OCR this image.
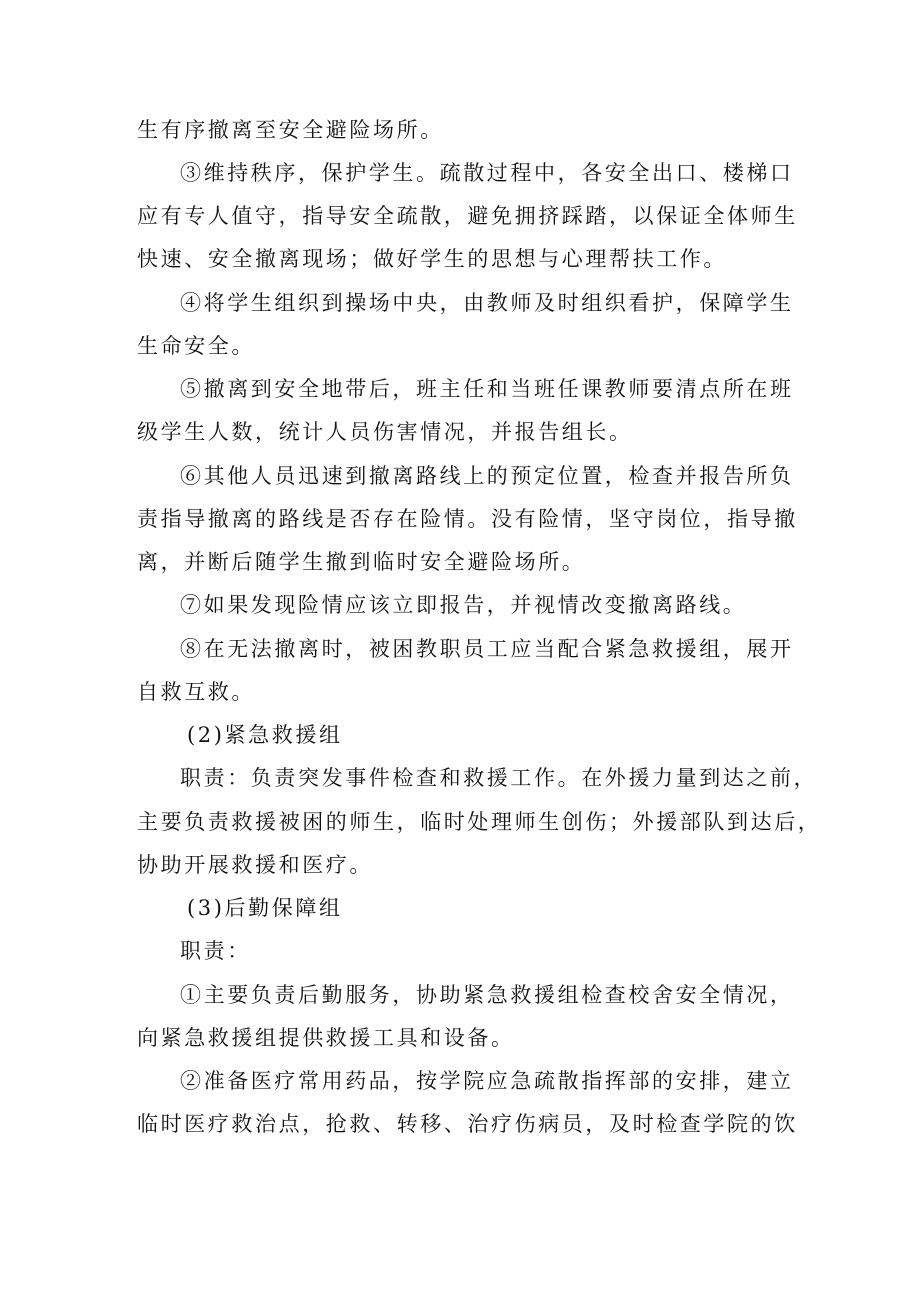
生有序撤离至安全避险场所。
③维持秩序，保护学生。疏散过程中，各安全出口、楼梯口
应有专人值守，指导安全疏散，避免拥挤踩踏，以保证全体师生
快速、安全撤离现场；做好学生的思想与心理帮扶工作。
④将学生组织到操场中央，由教师及时组织看护，保障学生
生命安全。
⑤撤离到安全地带后，班主任和当班任课教师要清点所在班
级学生人数，统计人员伤害情况，并报告组长。
⑥其他人员迅速到撤离路线上的预定位置，检查并报告所负
责指导撤离的路线是否存在险情。没有险情，坚守岗位，指导撤
离，并断后随学生撤到临时安全避险场所。
⑦如果发现险情应该立即报告，并视情改变撤离路线。
⑧在无法撤离时，被困教职员工应当配合紧急救援组，展开
自救互救。
(2)紧急救援组
职责：负责突发事件检查和救援工作。在外援力量到达之前，
主要负责救援被困的师生，临时处理师生创伤；外援部队到达后，
协助开展救援和医疗。
(3)后勤保障组
职责：
①主要负责后勤服务，协助紧急救援组检查校舍安全情况，
向紧急救援组提供救援工具和设备。
②准备医疗常用药品，按学院应急疏散指挥部的安排，建立
临时医疗救治点，抢救、转移、治疗伤病员，及时检查学院的饮
